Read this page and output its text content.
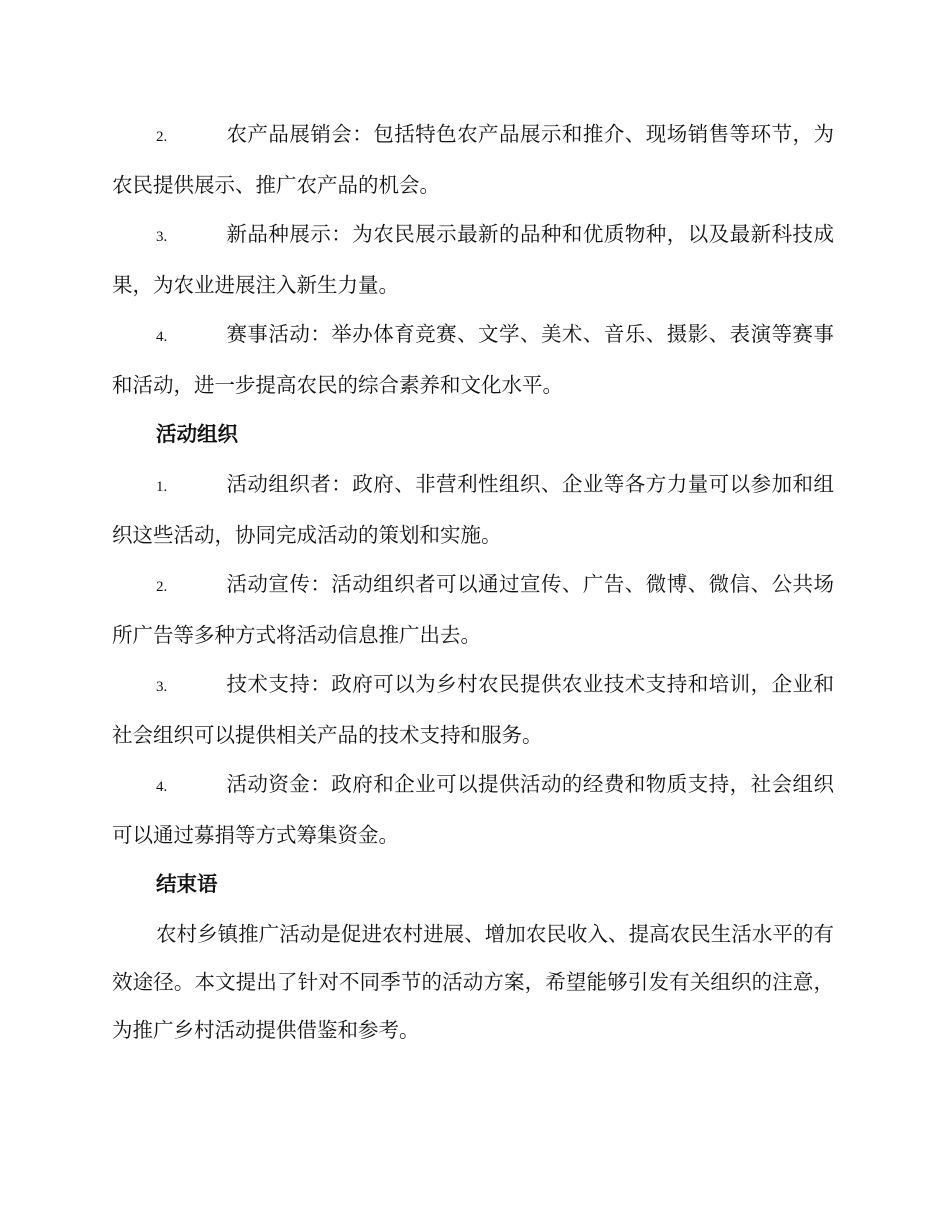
2.	农产品展销会：包括特色农产品展示和推介、现场销售等环节，为农民提供展示、推广农产品的机会。

3.	新品种展示：为农民展示最新的品种和优质物种，以及最新科技成果，为农业进展注入新生力量。

4.	赛事活动：举办体育竞赛、文学、美术、音乐、摄影、表演等赛事和活动，进一步提高农民的综合素养和文化水平。

活动组织

1.	活动组织者：政府、非营利性组织、企业等各方力量可以参加和组织这些活动，协同完成活动的策划和实施。

2.	活动宣传：活动组织者可以通过宣传、广告、微博、微信、公共场所广告等多种方式将活动信息推广出去。

3.	技术支持：政府可以为乡村农民提供农业技术支持和培训，企业和社会组织可以提供相关产品的技术支持和服务。

4.	活动资金：政府和企业可以提供活动的经费和物质支持，社会组织可以通过募捐等方式筹集资金。

结束语

农村乡镇推广活动是促进农村进展、增加农民收入、提高农民生活水平的有效途径。本文提出了针对不同季节的活动方案，希望能够引发有关组织的注意，为推广乡村活动提供借鉴和参考。
